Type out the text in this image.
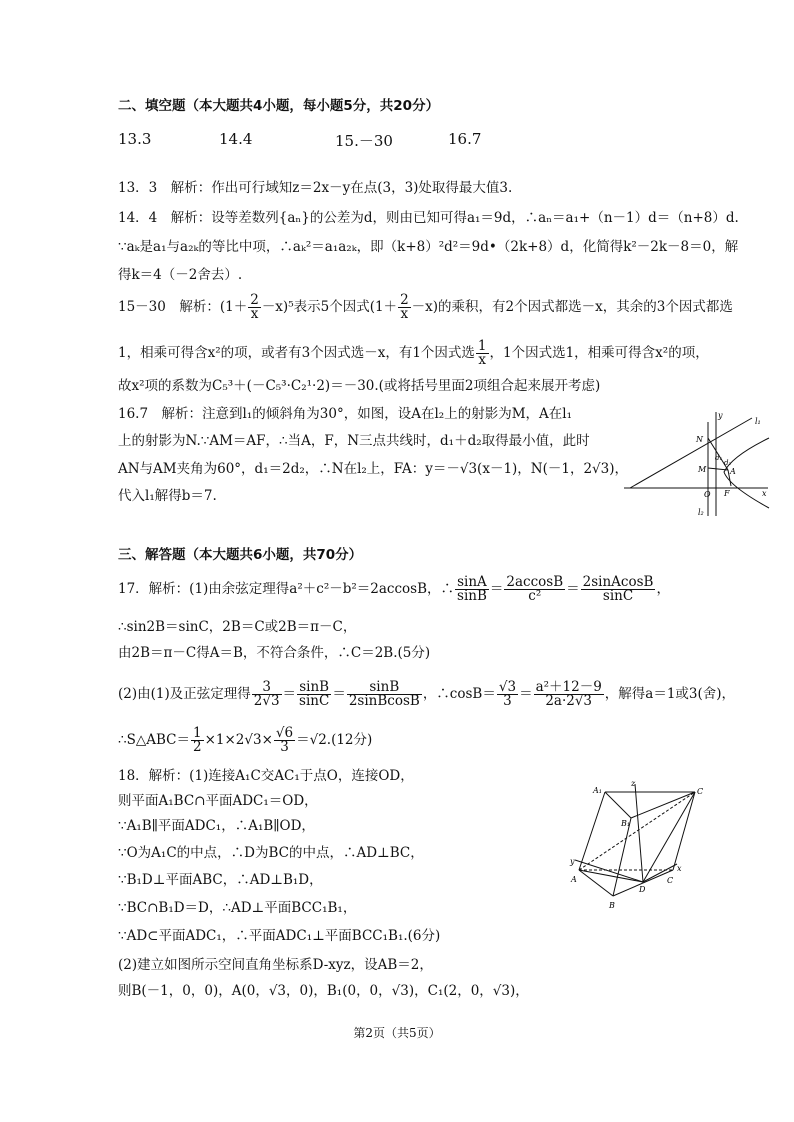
二、填空题（本大题共4小题，每小题5分，共20分）
13.3	14.4	15.－30	16.7
13．3　解析：作出可行域知z＝2x－y在点(3，3)处取得最大值3.
14．4　解析：设等差数列{aₙ}的公差为d，则由已知可得a₁＝9d，∴aₙ＝a₁+（n－1）d＝（n+8）d.
∵aₖ是a₁与a₂ₖ的等比中项，∴aₖ²＝a₁a₂ₖ，即（k+8）²d²＝9d•（2k+8）d，化简得k²－2k－8＝0，解
得k＝4（－2舍去）.
15－30　解析：$(1+ \frac{2}{x} -x)^5$表示5个因式$(1+ \frac{2}{x} -x)$的乘积，有2个因式都选－x，其余的3个因式都选
1，相乘可得含x²的项，或者有3个因式选－x，有1个因式选 $\frac{1}{x}$ ，1个因式选1，相乘可得含x²的项，
故x²项的系数为C₅³＋(－C₅³·C₂¹·2)＝－30.(或将括号里面2项组合起来展开考虑)
16.7　解析：注意到l₁的倾斜角为30°，如图，设A在l₂上的射影为M，A在l₁
上的射影为N.∵AM＝AF，∴当A，F，N三点共线时，d₁＋d₂取得最小值，此时
AN与AM夹角为60°，d₁＝2d₂，∴N在l₂上，FA：y＝－√3(x－1)，N(－1，2√3)，
代入l₁解得b＝7.
y
l₁
N
d₁
M
d₂
A
O F	x
l₂
三、解答题（本大题共6小题，共70分）
17．解析：(1)由余弦定理得a²＋c²－b²＝2accosB，∴ $\frac{\sin A}{\sin B} = \frac{2accosB}{\text{c²}} = \frac{\text{2sinAcosB}}{\sin C}$ ，
∴sin2B＝sinC，2B＝C或2B＝π－C，
由2B＝π－C得A＝B，不符合条件，∴C＝2B.(5分)
(2)由(1)及正弦定理得 $\frac{3}{2√3} = \frac{\sin B}{\sin C} = \frac{\sin B}{\text{2sinBcosB}}$ ，∴cosB＝ $\frac{√3}{3} = \frac{\text{a²＋12－9}}{2a\cdot 2√3}$ ，解得a＝1或3(舍)，
∴S△ABC＝ $\frac{1}{2} \times 1\times 2√3\times \frac{√6}{3} =√2.(12$分)
18．解析：(1)连接A₁C交AC₁于点O，连接OD，
则平面A₁BC∩平面ADC₁＝OD，
∵A₁B∥平面ADC₁，∴A₁B∥OD，
∵O为A₁C的中点，∴D为BC的中点，∴AD⊥BC，
∵B₁D⊥平面ABC，∴AD⊥B₁D，
∵BC∩B₁D＝D，∴AD⊥平面BCC₁B₁，
∵AD⊂平面ADC₁，∴平面ADC₁⊥平面BCC₁B₁.(6分)
(2)建立如图所示空间直角坐标系D-xyz，设AB＝2，
则B(－1，0，0)，A(0，√3，0)，B₁(0，0，√3)，C₁(2，0，√3)，
A₁
z
C
B₁
y
A
D
C
x
B
第2页（共5页）
